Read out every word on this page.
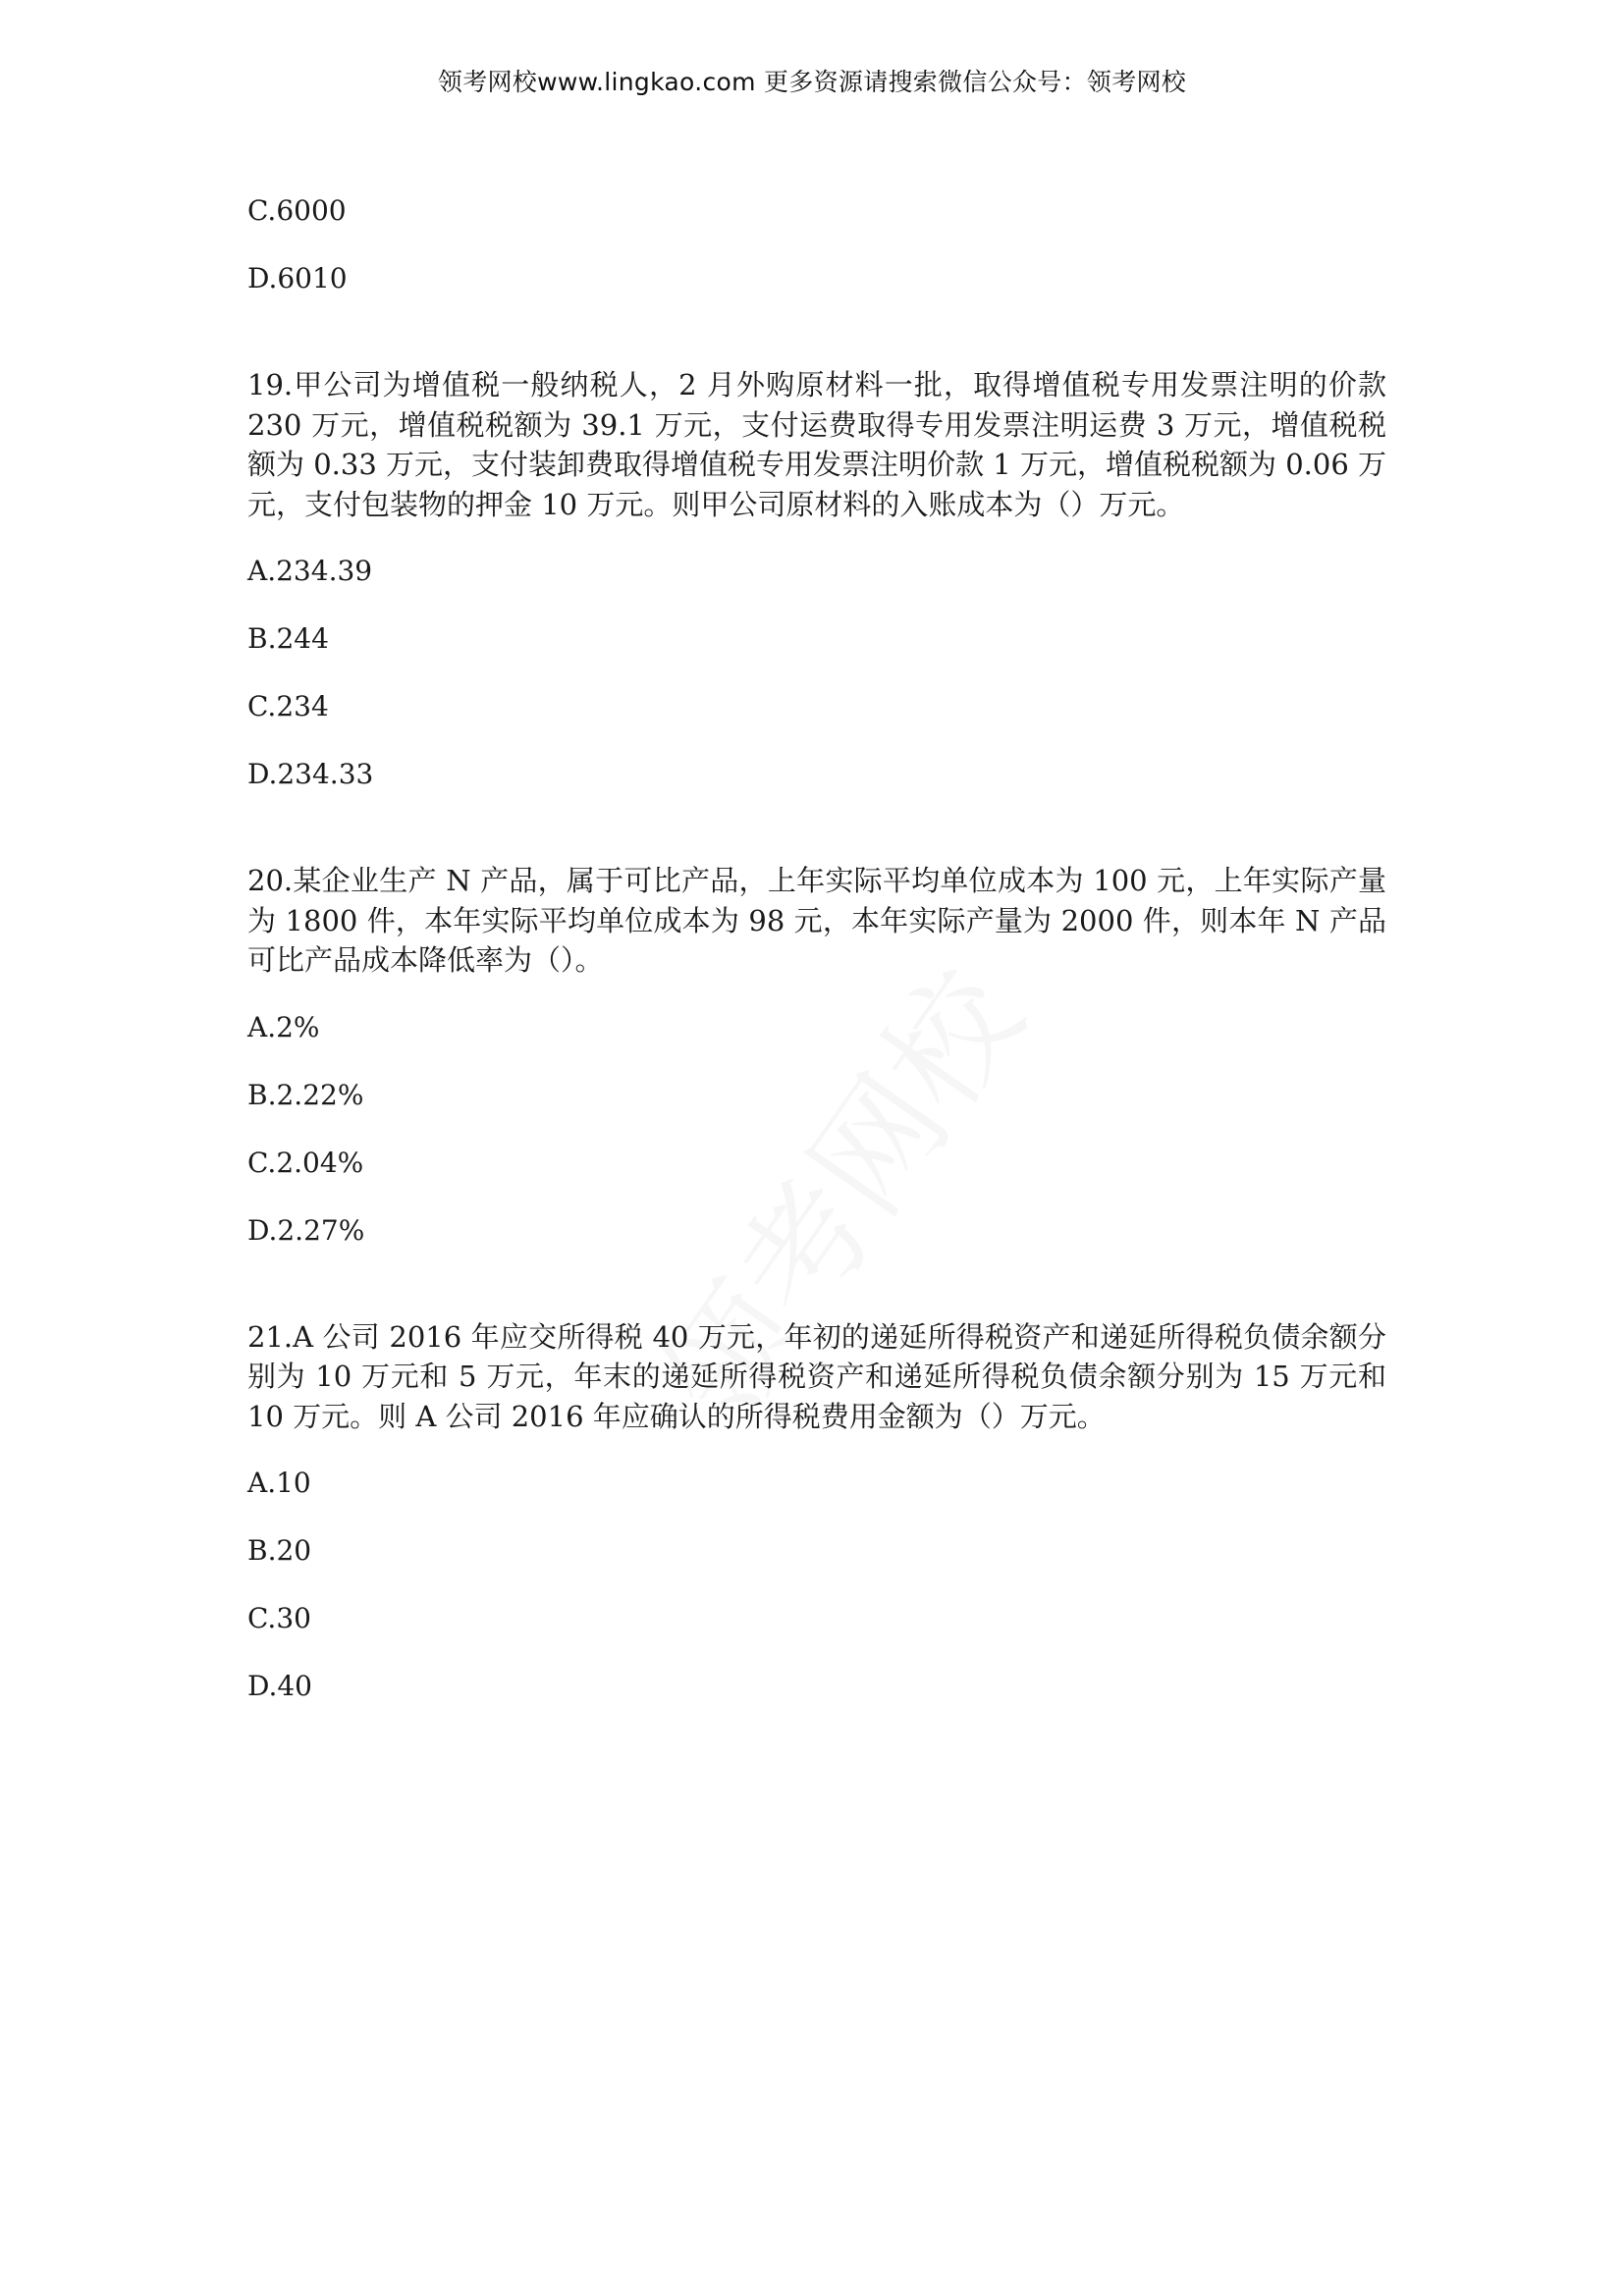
领考网校www.lingkao.com 更多资源请搜索微信公众号：领考网校
C.6000
D.6010
19.甲公司为增值税一般纳税人，2 月外购原材料一批，取得增值税专用发票注明的价款 230 万元，增值税税额为 39.1 万元，支付运费取得专用发票注明运费 3 万元，增值税税额为 0.33 万元，支付装卸费取得增值税专用发票注明价款 1 万元，增值税税额为 0.06 万元，支付包装物的押金 10 万元。则甲公司原材料的入账成本为（）万元。
A.234.39
B.244
C.234
D.234.33
20.某企业生产 N 产品，属于可比产品，上年实际平均单位成本为 100 元，上年实际产量为 1800 件，本年实际平均单位成本为 98 元，本年实际产量为 2000 件，则本年 N 产品可比产品成本降低率为（）。
A.2%
B.2.22%
C.2.04%
D.2.27%
21.A 公司 2016 年应交所得税 40 万元，年初的递延所得税资产和递延所得税负债余额分别为 10 万元和 5 万元，年末的递延所得税资产和递延所得税负债余额分别为 15 万元和 10 万元。则 A 公司 2016 年应确认的所得税费用金额为（）万元。
A.10
B.20
C.30
D.40
